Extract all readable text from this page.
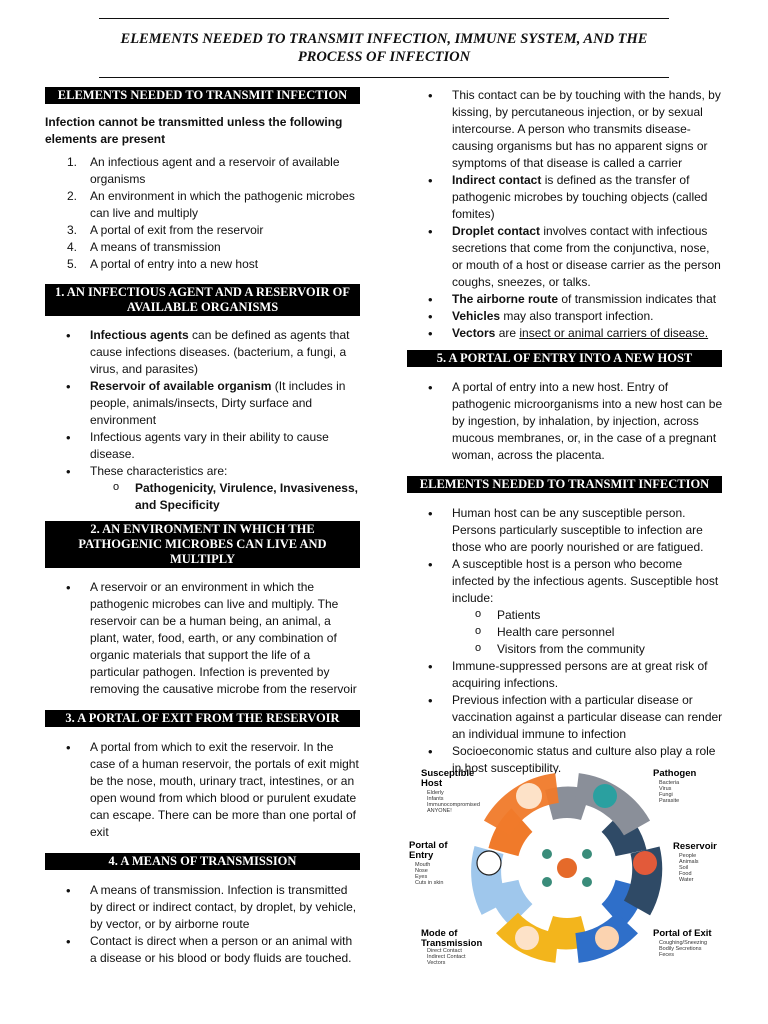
ELEMENTS NEEDED TO TRANSMIT INFECTION, IMMUNE SYSTEM, AND THE PROCESS OF INFECTION
ELEMENTS NEEDED TO TRANSMIT INFECTION
Infection cannot be transmitted unless the following elements are present
1. An infectious agent and a reservoir of available organisms
2. An environment in which the pathogenic microbes can live and multiply
3. A portal of exit from the reservoir
4. A means of transmission
5. A portal of entry into a new host
1. AN INFECTIOUS AGENT AND A RESERVOIR OF AVAILABLE ORGANISMS
• Infectious agents can be defined as agents that cause infections diseases. (bacterium, a fungi, a virus, and parasites)
• Reservoir of available organism (It includes in people, animals/insects, Dirty surface and environment
• Infectious agents vary in their ability to cause disease.
• These characteristics are:
o Pathogenicity, Virulence, Invasiveness, and Specificity
2. AN ENVIRONMENT IN WHICH THE PATHOGENIC MICROBES CAN LIVE AND MULTIPLY
• A reservoir or an environment in which the pathogenic microbes can live and multiply. The reservoir can be a human being, an animal, a plant, water, food, earth, or any combination of organic materials that support the life of a particular pathogen. Infection is prevented by removing the causative microbe from the reservoir
3. A PORTAL OF EXIT FROM THE RESERVOIR
• A portal from which to exit the reservoir. In the case of a human reservoir, the portals of exit might be the nose, mouth, urinary tract, intestines, or an open wound from which blood or purulent exudate can escape. There can be more than one portal of exit
4. A MEANS OF TRANSMISSION
• A means of transmission. Infection is transmitted by direct or indirect contact, by droplet, by vehicle, by vector, or by airborne route
• Contact is direct when a person or an animal with a disease or his blood or body fluids are touched.
• This contact can be by touching with the hands, by kissing, by percutaneous injection, or by sexual intercourse. A person who transmits disease-causing organisms but has no apparent signs or symptoms of that disease is called a carrier
• Indirect contact is defined as the transfer of pathogenic microbes by touching objects (called fomites)
• Droplet contact involves contact with infectious secretions that come from the conjunctiva, nose, or mouth of a host or disease carrier as the person coughs, sneezes, or talks.
• The airborne route of transmission indicates that
• Vehicles may also transport infection.
• Vectors are insect or animal carriers of disease.
5. A PORTAL OF ENTRY INTO A NEW HOST
• A portal of entry into a new host. Entry of pathogenic microorganisms into a new host can be by ingestion, by inhalation, by injection, across mucous membranes, or, in the case of a pregnant woman, across the placenta.
ELEMENTS NEEDED TO TRANSMIT INFECTION
• Human host can be any susceptible person. Persons particularly susceptible to infection are those who are poorly nourished or are fatigued.
• A susceptible host is a person who become infected by the infectious agents. Susceptible host include:
o Patients
o Health care personnel
o Visitors from the community
• Immune-suppressed persons are at great risk of acquiring infections.
• Previous infection with a particular disease or vaccination against a particular disease can render an individual immune to infection
• Socioeconomic status and culture also play a role in host susceptibility.
Susceptible Host
Elderly
Infants
Immunocompromised
ANYONE!
Pathogen
Bacteria
Virus
Fungi
Parasite
Reservoir
People
Animals
Soil
Food
Water
Portal of Exit
Coughing/Sneezing
Bodily Secretions
Feces
Mode of Transmission
Direct Contact
Indirect Contact
Vectors
Portal of Entry
Mouth
Nose
Eyes
Cuts in skin
